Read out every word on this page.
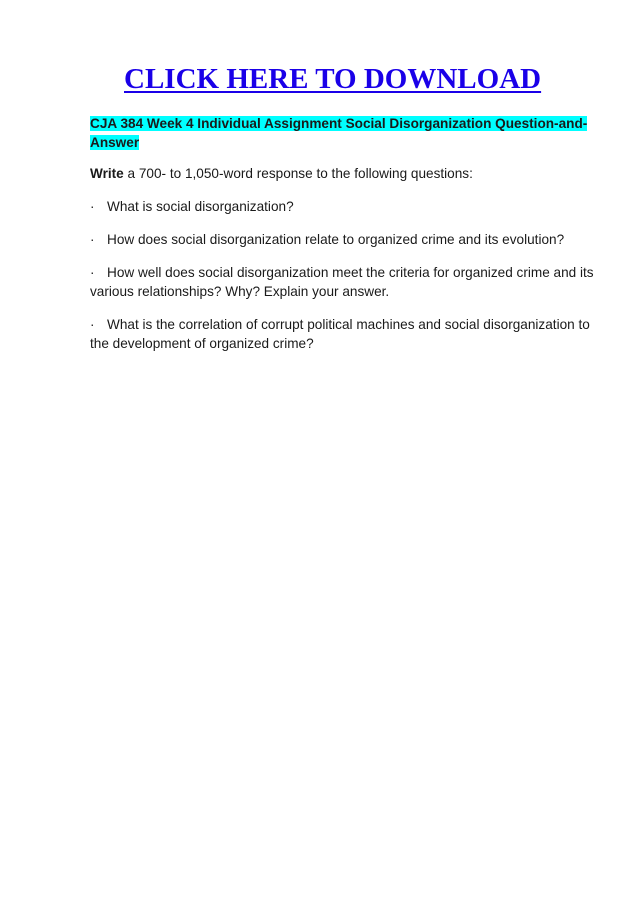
CLICK HERE TO DOWNLOAD
CJA 384 Week 4 Individual Assignment Social Disorganization Question-and-Answer
Write a 700- to 1,050-word response to the following questions:
· What is social disorganization?
· How does social disorganization relate to organized crime and its evolution?
· How well does social disorganization meet the criteria for organized crime and its various relationships? Why? Explain your answer.
· What is the correlation of corrupt political machines and social disorganization to the development of organized crime?
